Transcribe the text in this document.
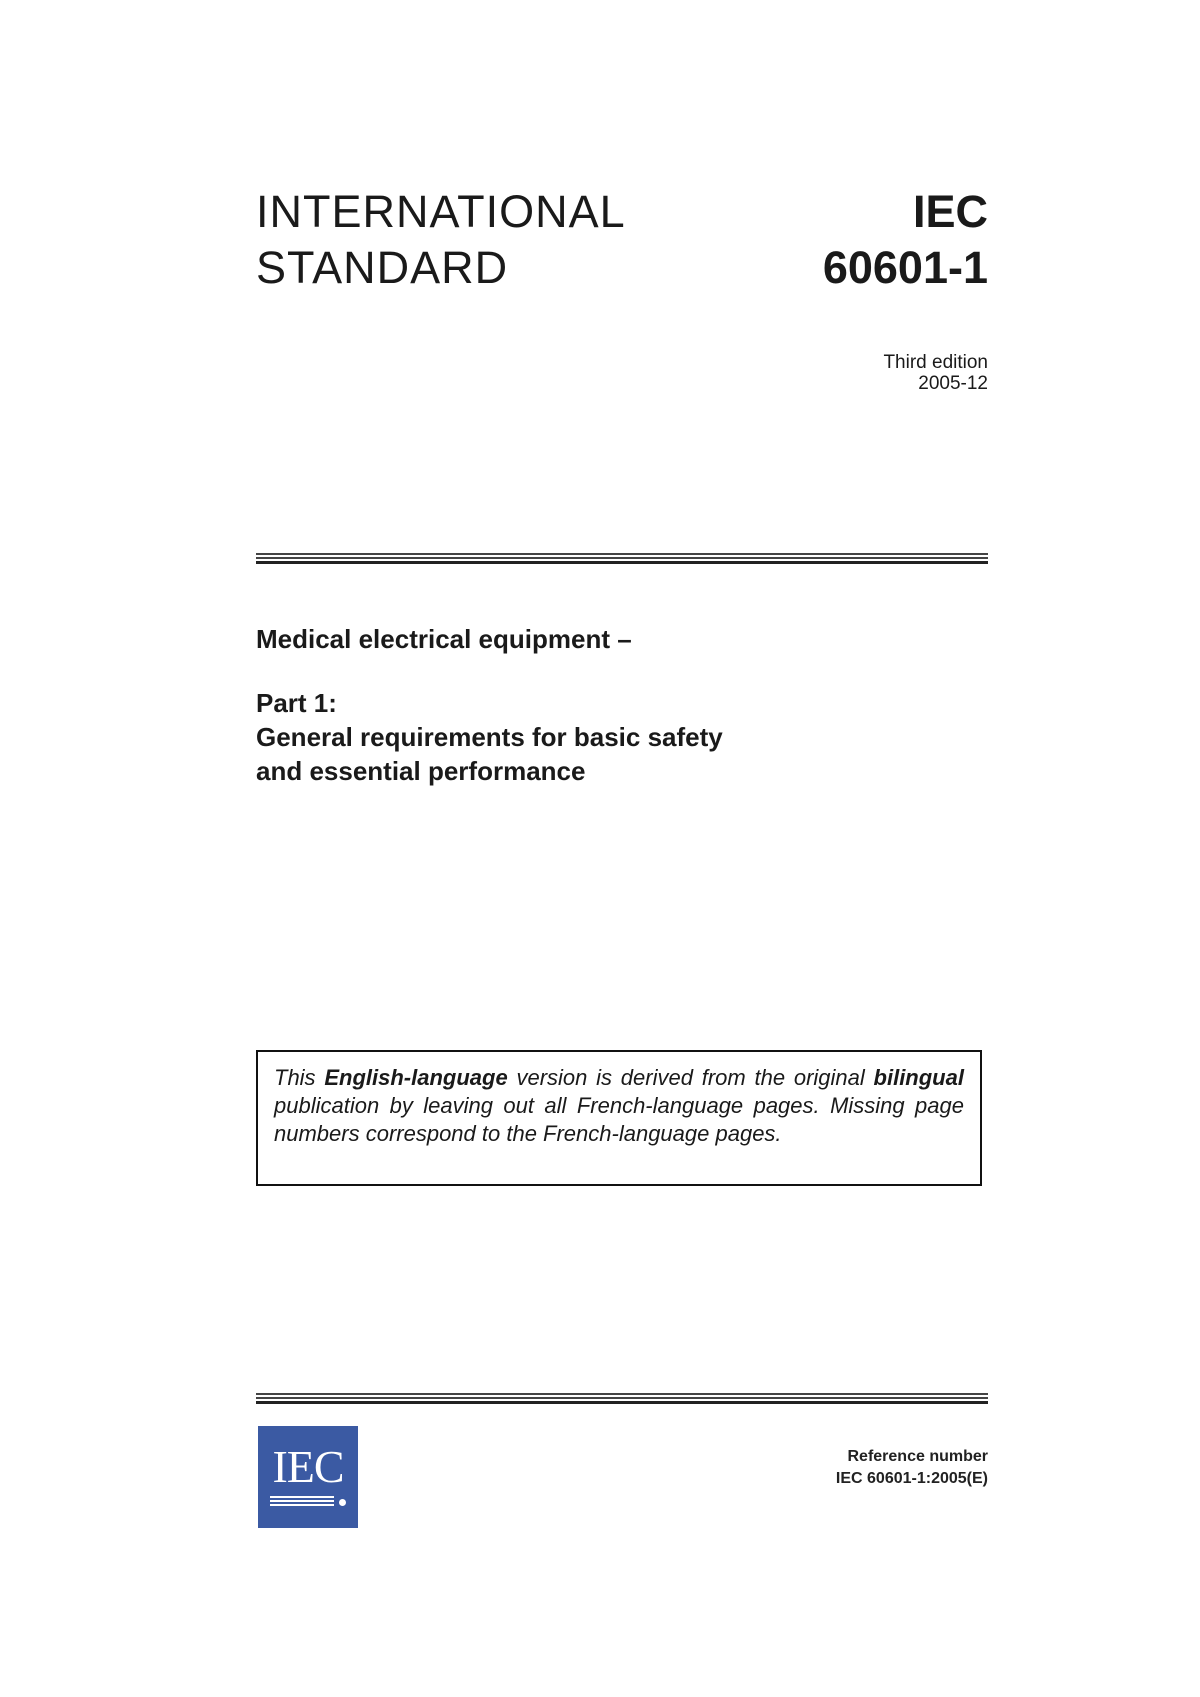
INTERNATIONAL
STANDARD
IEC
60601-1
Third edition
2005-12
Medical electrical equipment –
Part 1:
General requirements for basic safety
and essential performance
This English-language version is derived from the original bilingual publication by leaving out all French-language pages. Missing page numbers correspond to the French-language pages.
IEC	Reference number
IEC 60601-1:2005(E)
